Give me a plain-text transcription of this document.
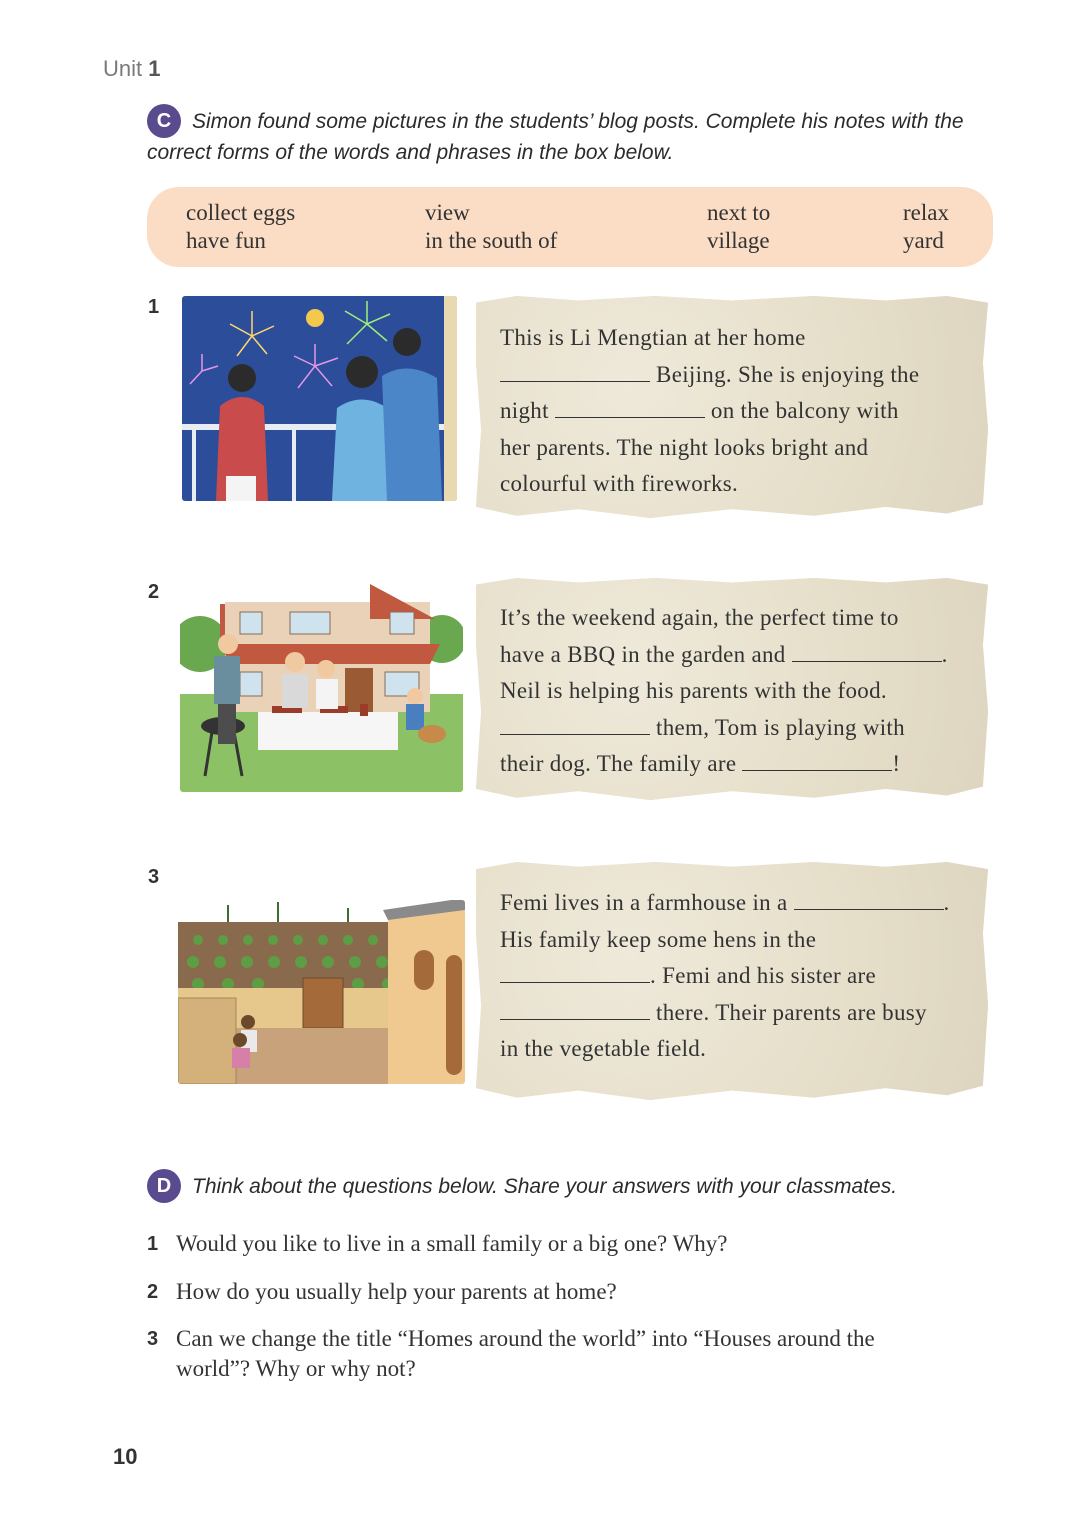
Unit 1
C Simon found some pictures in the students’ blog posts. Complete his notes with the
correct forms of the words and phrases in the box below.
collect eggs
have fun
view
in the south of
next to
village
relax
yard
1
This is Li Mengtian at her home
Beijing. She is enjoying the
night	on the balcony with
her parents. The night looks bright and
colourful with fireworks.
2
It’s the weekend again, the perfect time to
have a BBQ in the garden and	.
Neil is helping his parents with the food.
them, Tom is playing with
their dog. The family are	!
3
Femi lives in a farmhouse in a	.
His family keep some hens in the
. Femi and his sister are
there. Their parents are busy
in the vegetable field.
D Think about the questions below. Share your answers with your classmates.
1 Would you like to live in a small family or a big one? Why?
2 How do you usually help your parents at home?
3 Can we change the title “Homes around the world” into “Houses around the
world”? Why or why not?
10
